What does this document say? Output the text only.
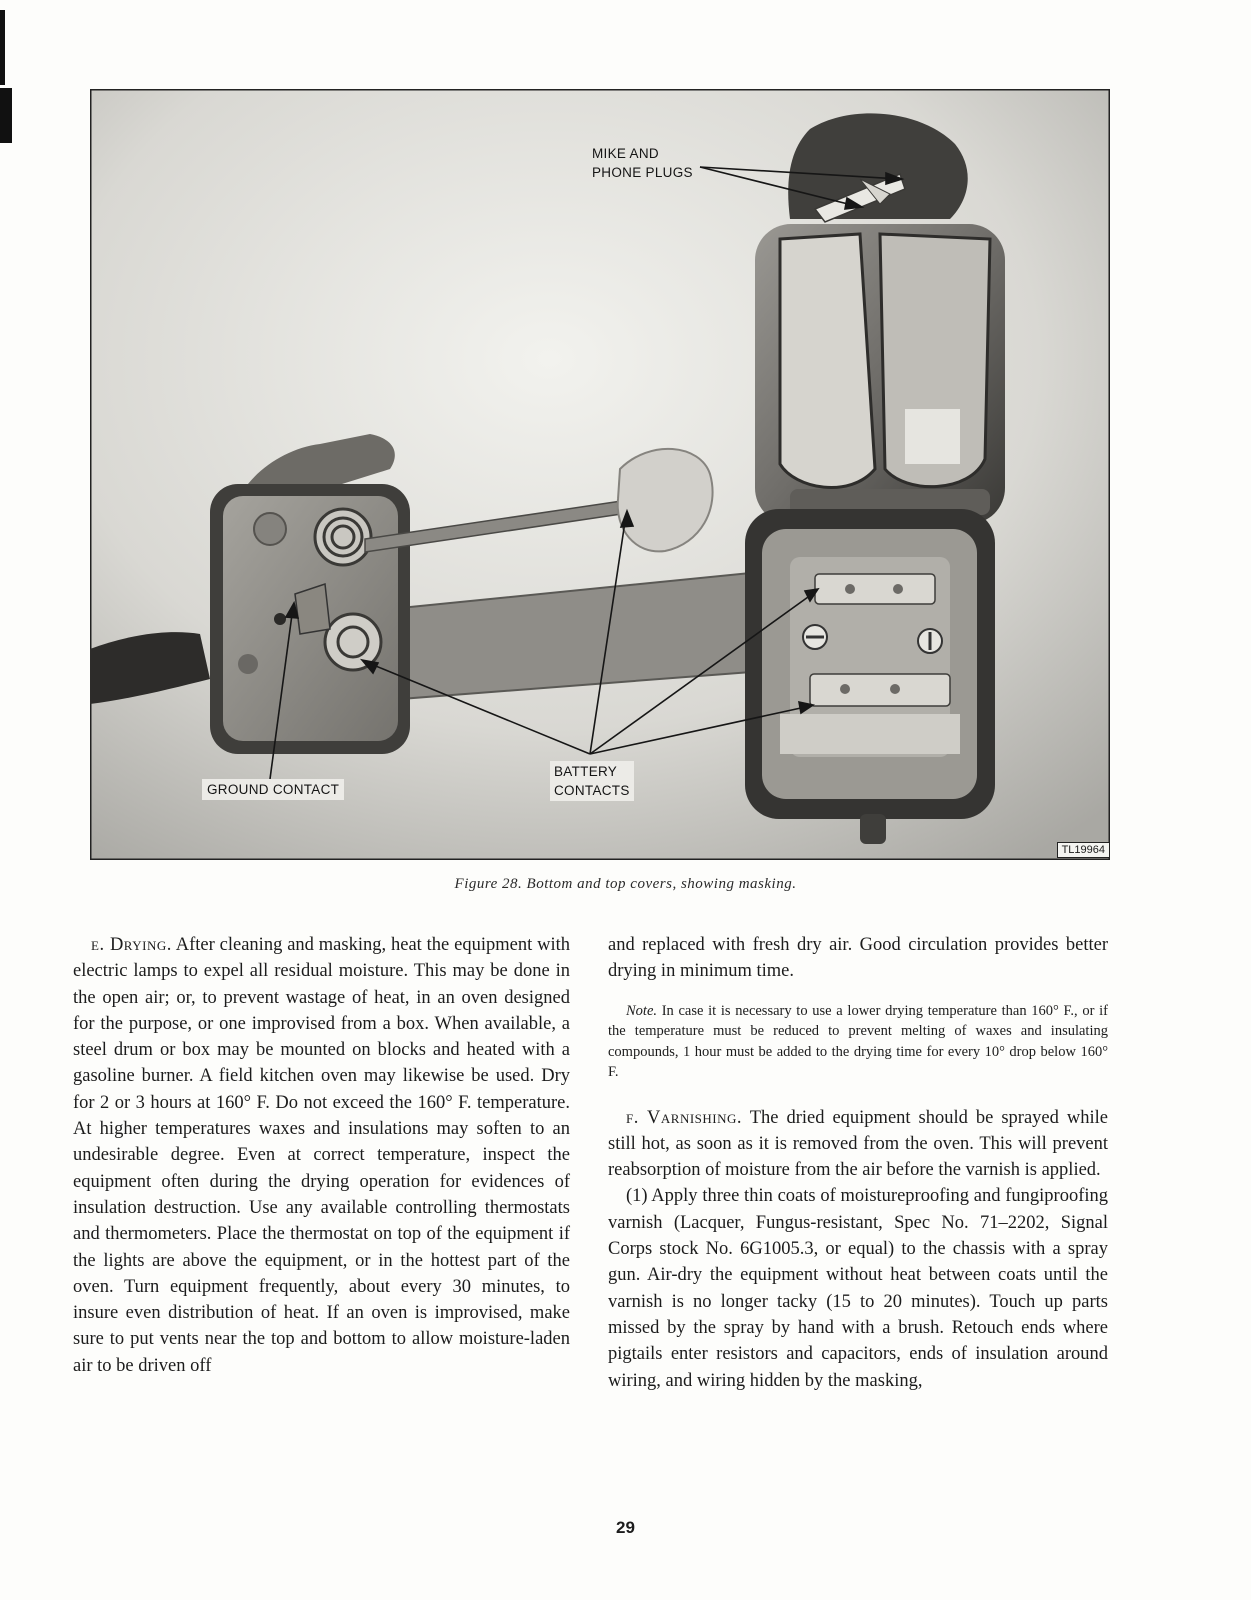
MIKE AND
PHONE PLUGS
BATTERY
CONTACTS
GROUND CONTACT
TL19964
Figure 28. Bottom and top covers, showing masking.

e. Drying. After cleaning and masking, heat the equipment with electric lamps to expel all residual moisture. This may be done in the open air; or, to prevent wastage of heat, in an oven designed for the purpose, or one improvised from a box. When available, a steel drum or box may be mounted on blocks and heated with a gasoline burner. A field kitchen oven may likewise be used. Dry for 2 or 3 hours at 160° F. Do not exceed the 160° F. temperature. At higher temperatures waxes and insulations may soften to an undesirable degree. Even at correct temperature, inspect the equipment often during the drying operation for evidences of insulation destruction. Use any available controlling thermostats and thermometers. Place the thermostat on top of the equipment if the lights are above the equipment, or in the hottest part of the oven. Turn equipment frequently, about every 30 minutes, to insure even distribution of heat. If an oven is improvised, make sure to put vents near the top and bottom to allow moisture-laden air to be driven off

and replaced with fresh dry air. Good circulation provides better drying in minimum time.

Note. In case it is necessary to use a lower drying temperature than 160° F., or if the temperature must be reduced to prevent melting of waxes and insulating compounds, 1 hour must be added to the drying time for every 10° drop below 160° F.

f. Varnishing. The dried equipment should be sprayed while still hot, as soon as it is removed from the oven. This will prevent reabsorption of moisture from the air before the varnish is applied.

(1) Apply three thin coats of moistureproofing and fungiproofing varnish (Lacquer, Fungus-resistant, Spec No. 71–2202, Signal Corps stock No. 6G1005.3, or equal) to the chassis with a spray gun. Air-dry the equipment without heat between coats until the varnish is no longer tacky (15 to 20 minutes). Touch up parts missed by the spray by hand with a brush. Retouch ends where pigtails enter resistors and capacitors, ends of insulation around wiring, and wiring hidden by the masking,

29
